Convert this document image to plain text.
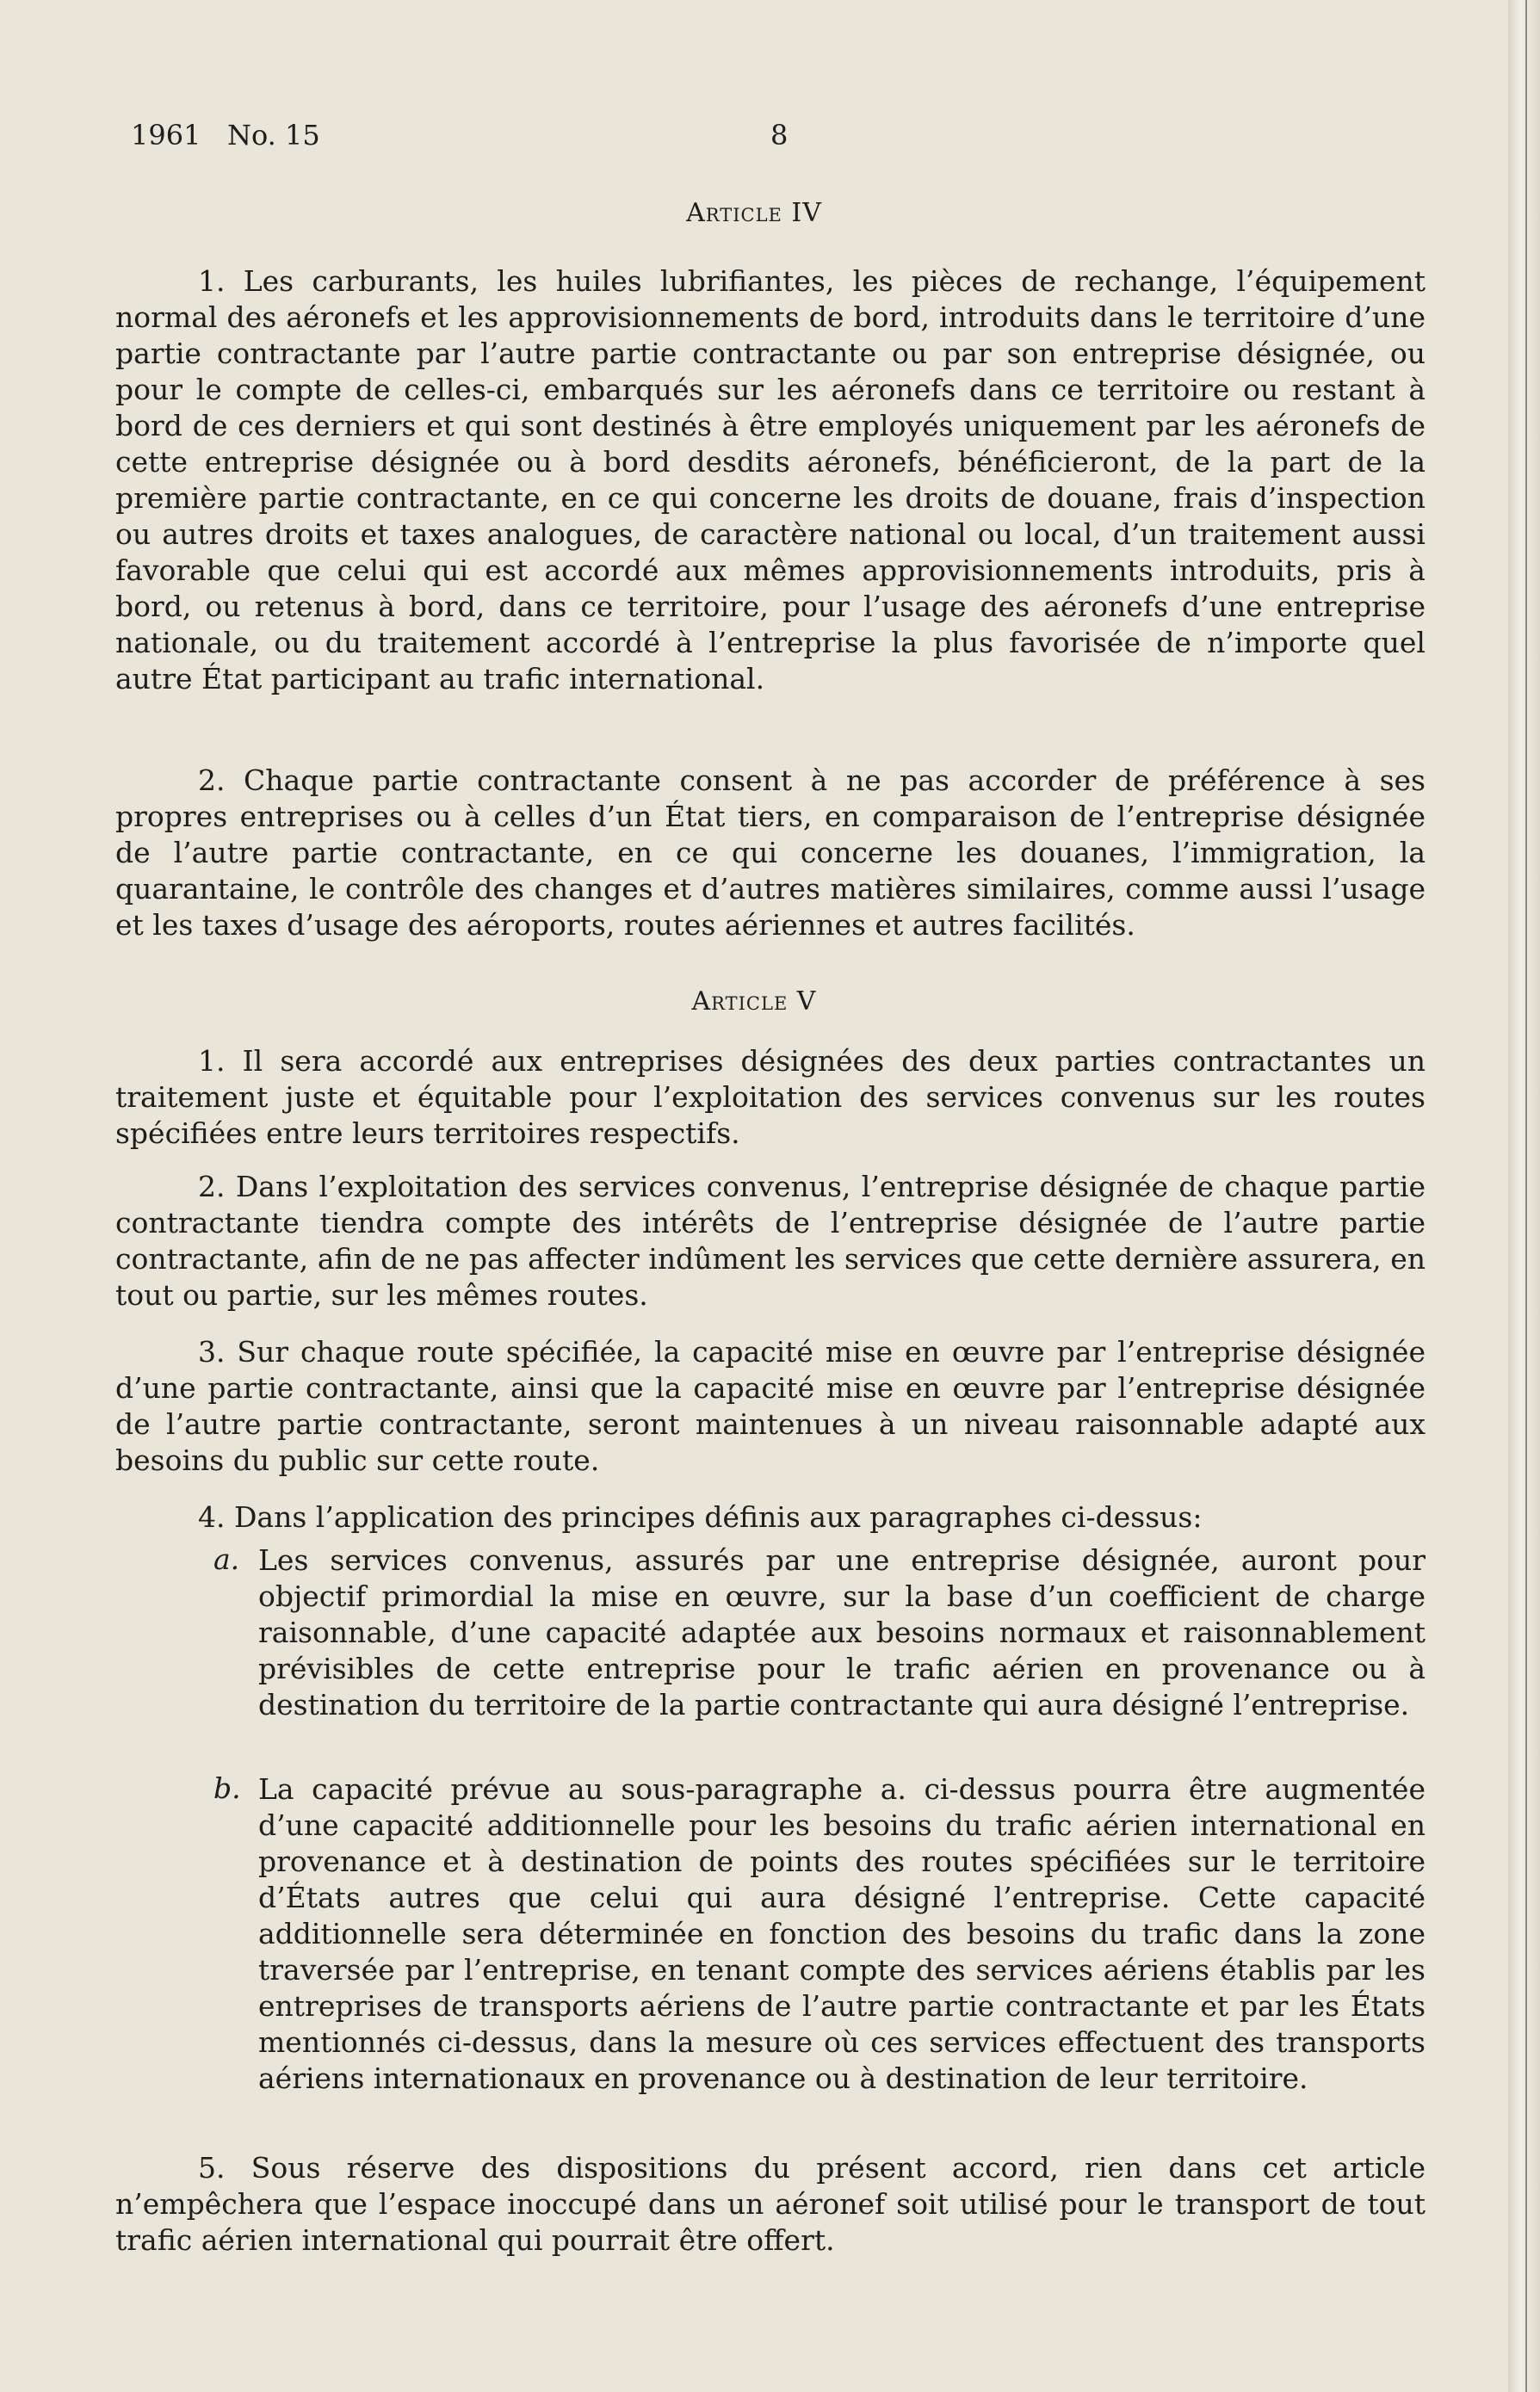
1961   No. 15	8
Article IV

1. Les carburants, les huiles lubrifiantes, les pièces de rechange, l’équipement normal des aéronefs et les approvisionnements de bord, introduits dans le territoire d’une partie contractante par l’autre partie contractante ou par son entreprise désignée, ou pour le compte de celles-ci, embarqués sur les aéronefs dans ce territoire ou restant à bord de ces derniers et qui sont destinés à être employés uniquement par les aéronefs de cette entreprise désignée ou à bord desdits aéronefs, bénéficieront, de la part de la première partie contractante, en ce qui concerne les droits de douane, frais d’inspection ou autres droits et taxes analogues, de caractère national ou local, d’un traitement aussi favorable que celui qui est accordé aux mêmes approvisionnements introduits, pris à bord, ou retenus à bord, dans ce territoire, pour l’usage des aéronefs d’une entreprise nationale, ou du traitement accordé à l’entreprise la plus favorisée de n’importe quel autre État participant au trafic international.

2. Chaque partie contractante consent à ne pas accorder de préférence à ses propres entreprises ou à celles d’un État tiers, en comparaison de l’entreprise désignée de l’autre partie contractante, en ce qui concerne les douanes, l’immigration, la quarantaine, le contrôle des changes et d’autres matières similaires, comme aussi l’usage et les taxes d’usage des aéroports, routes aériennes et autres facilités.

Article V

1. Il sera accordé aux entreprises désignées des deux parties contractantes un traitement juste et équitable pour l’exploitation des services convenus sur les routes spécifiées entre leurs territoires respectifs.

2. Dans l’exploitation des services convenus, l’entreprise désignée de chaque partie contractante tiendra compte des intérêts de l’entreprise désignée de l’autre partie contractante, afin de ne pas affecter indûment les services que cette dernière assurera, en tout ou partie, sur les mêmes routes.

3. Sur chaque route spécifiée, la capacité mise en œuvre par l’entreprise désignée d’une partie contractante, ainsi que la capacité mise en œuvre par l’entreprise désignée de l’autre partie contractante, seront maintenues à un niveau raisonnable adapté aux besoins du public sur cette route.

4. Dans l’application des principes définis aux paragraphes ci-dessus:

a. Les services convenus, assurés par une entreprise désignée, auront pour objectif primordial la mise en œuvre, sur la base d’un coefficient de charge raisonnable, d’une capacité adaptée aux besoins normaux et raisonnablement prévisibles de cette entreprise pour le trafic aérien en provenance ou à destination du territoire de la partie contractante qui aura désigné l’entreprise.

b. La capacité prévue au sous-paragraphe a. ci-dessus pourra être augmentée d’une capacité additionnelle pour les besoins du trafic aérien international en provenance et à destination de points des routes spécifiées sur le territoire d’États autres que celui qui aura désigné l’entreprise. Cette capacité additionnelle sera déterminée en fonction des besoins du trafic dans la zone traversée par l’entreprise, en tenant compte des services aériens établis par les entreprises de transports aériens de l’autre partie contractante et par les États mentionnés ci-dessus, dans la mesure où ces services effectuent des transports aériens internationaux en provenance ou à destination de leur territoire.

5. Sous réserve des dispositions du présent accord, rien dans cet article n’empêchera que l’espace inoccupé dans un aéronef soit utilisé pour le transport de tout trafic aérien international qui pourrait être offert.
